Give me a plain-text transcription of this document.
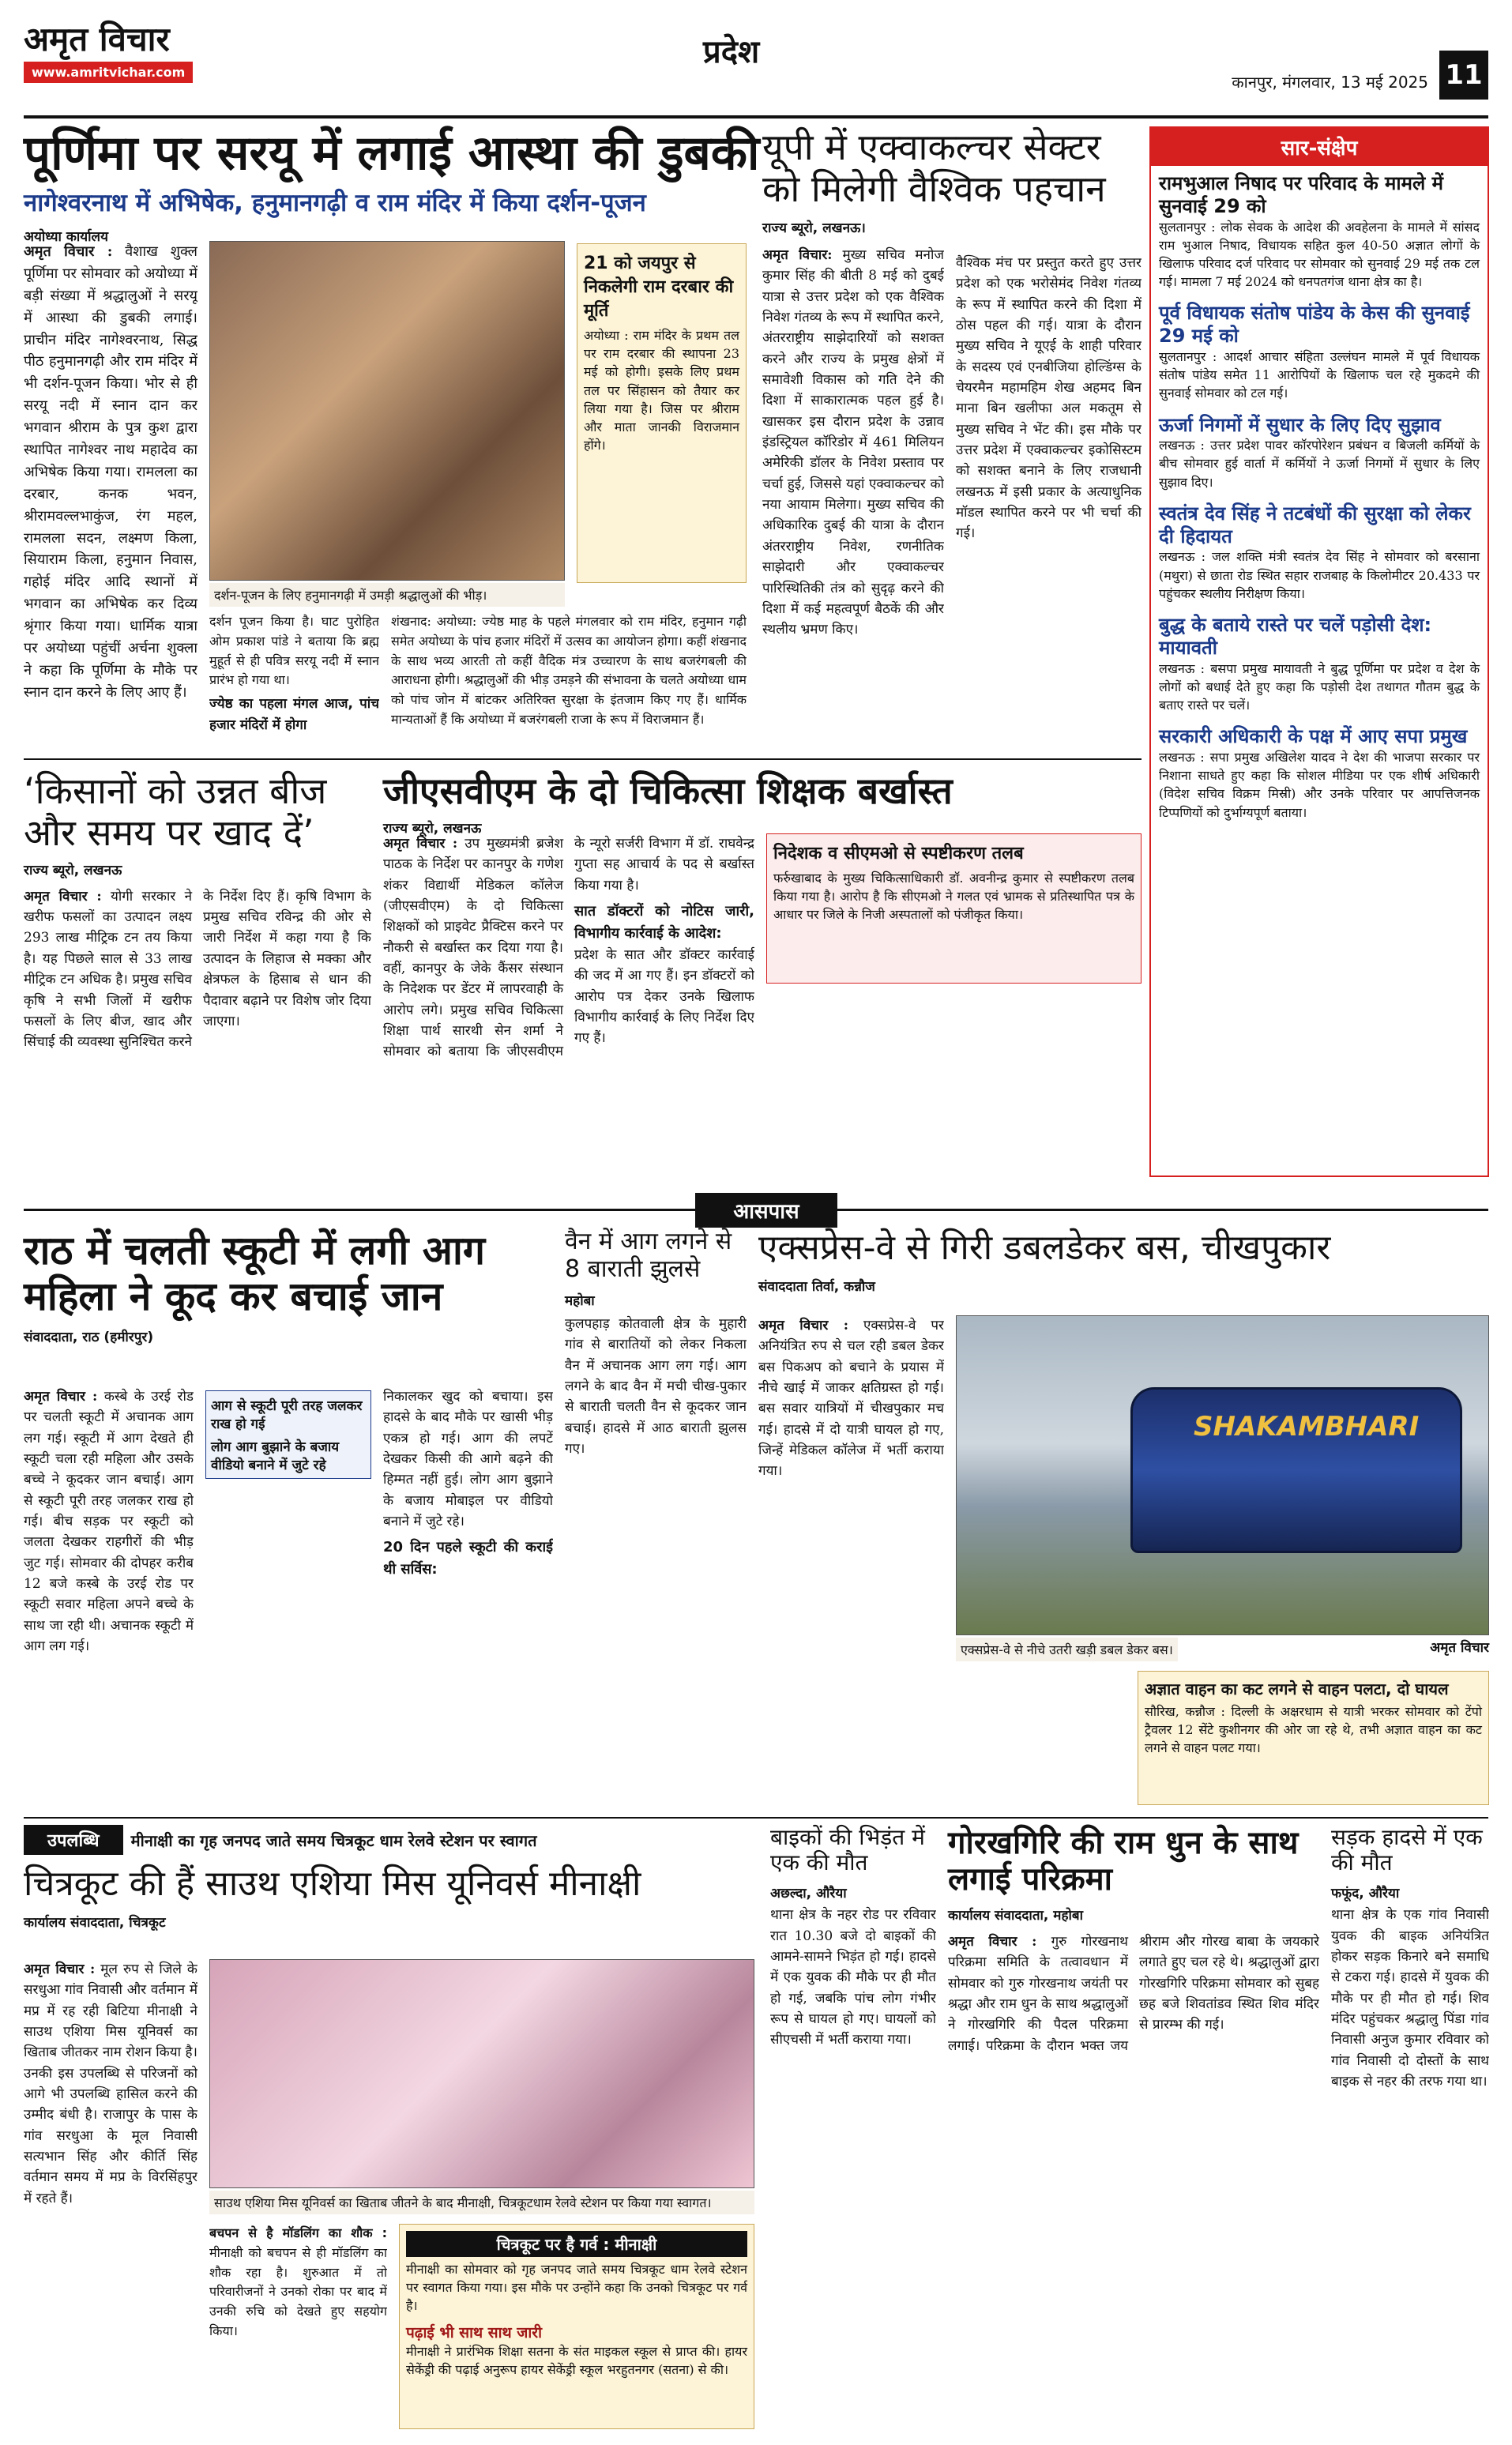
अमृत विचार
www.amritvichar.com
प्रदेश
कानपुर, मंगलवार, 13 मई 2025 11
पूर्णिमा पर सरयू में लगाई आस्था की डुबकी
नागेश्वरनाथ में अभिषेक, हनुमानगढ़ी व राम मंदिर में किया दर्शन-पूजन
अयोध्या कार्यालय
अमृत विचार : वैशाख शुक्ल पूर्णिमा पर सोमवार को अयोध्या में बड़ी संख्या में श्रद्धालुओं ने सरयू में आस्था की डुबकी लगाई। प्राचीन मंदिर नागेश्वरनाथ, सिद्ध पीठ हनुमानगढ़ी और राम मंदिर में भी दर्शन-पूजन किया। भोर से ही सरयू नदी में स्नान दान कर भगवान श्रीराम के पुत्र कुश द्वारा स्थापित नागेश्वर नाथ महादेव का अभिषेक किया गया। रामलला का दरबार, कनक भवन, श्रीरामवल्लभाकुंज, रंग महल, रामलला सदन, लक्ष्मण किला, सियाराम किला, हनुमान निवास, गहोई मंदिर आदि स्थानों में भगवान का अभिषेक कर दिव्य श्रृंगार किया गया। धार्मिक यात्रा पर अयोध्या पहुंचीं अर्चना शुक्ला ने कहा कि पूर्णिमा के मौके पर स्नान दान करने के लिए आए हैं।
दर्शन-पूजन के लिए हनुमानगढ़ी में उमड़ी श्रद्धालुओं की भीड़।
21 को जयपुर से निकलेगी राम दरबार की मूर्ति
अयोध्या : राम मंदिर के प्रथम तल पर राम दरबार की स्थापना 23 मई को होगी। इसके लिए प्रथम तल पर सिंहासन को तैयार कर लिया गया है। जिस पर श्रीराम और माता जानकी विराजमान होंगे।
दर्शन पूजन किया है। घाट पुरोहित ओम प्रकाश पांडे ने बताया कि ब्रह्म मुहूर्त से ही पवित्र सरयू नदी में स्नान प्रारंभ हो गया था।
ज्येष्ठ का पहला मंगल आज, पांच हजार मंदिरों में होगा
शंखनाद: अयोध्या: ज्येष्ठ माह के पहले मंगलवार को राम मंदिर, हनुमान गढ़ी समेत अयोध्या के पांच हजार मंदिरों में उत्सव का आयोजन होगा। कहीं शंखनाद के साथ भव्य आरती तो कहीं वैदिक मंत्र उच्चारण के साथ बजरंगबली की आराधना होगी। श्रद्धालुओं की भीड़ उमड़ने की संभावना के चलते अयोध्या धाम को पांच जोन में बांटकर अतिरिक्त सुरक्षा के इंतजाम किए गए हैं। धार्मिक मान्यताओं हैं कि अयोध्या में बजरंगबली राजा के रूप में विराजमान हैं।
यूपी में एक्वाकल्चर सेक्टर को मिलेगी वैश्विक पहचान
राज्य ब्यूरो, लखनऊ।
अमृत विचार: मुख्य सचिव मनोज कुमार सिंह की बीती 8 मई को दुबई यात्रा से उत्तर प्रदेश को एक वैश्विक निवेश गंतव्य के रूप में स्थापित करने, अंतरराष्ट्रीय साझेदारियों को सशक्त करने और राज्य के प्रमुख क्षेत्रों में समावेशी विकास को गति देने की दिशा में साकारात्मक पहल हुई है। खासकर इस दौरान प्रदेश के उन्नाव इंडस्ट्रियल कॉरिडोर में 461 मिलियन अमेरिकी डॉलर के निवेश प्रस्ताव पर चर्चा हुई, जिससे यहां एक्वाकल्चर को नया आयाम मिलेगा। मुख्य सचिव की अधिकारिक दुबई की यात्रा के दौरान अंतरराष्ट्रीय निवेश, रणनीतिक साझेदारी और एक्वाकल्चर पारिस्थितिकी तंत्र को सुदृढ़ करने की दिशा में कई महत्वपूर्ण बैठकें की और स्थलीय भ्रमण किए।
वैश्विक मंच पर प्रस्तुत करते हुए उत्तर प्रदेश को एक भरोसेमंद निवेश गंतव्य के रूप में स्थापित करने की दिशा में ठोस पहल की गई। यात्रा के दौरान मुख्य सचिव ने यूएई के शाही परिवार के सदस्य एवं एनबीजिया होल्डिंग्स के चेयरमैन महामहिम शेख अहमद बिन माना बिन खलीफा अल मकतूम से मुख्य सचिव ने भेंट की। इस मौके पर उत्तर प्रदेश में एक्वाकल्चर इकोसिस्टम को सशक्त बनाने के लिए राजधानी लखनऊ में इसी प्रकार के अत्याधुनिक मॉडल स्थापित करने पर भी चर्चा की गई।
सार-संक्षेप
रामभुआल निषाद पर परिवाद के मामले में सुनवाई 29 को
सुलतानपुर : लोक सेवक के आदेश की अवहेलना के मामले में सांसद राम भुआल निषाद, विधायक सहित कुल 40-50 अज्ञात लोगों के खिलाफ परिवाद दर्ज परिवाद पर सोमवार को सुनवाई 29 मई तक टल गई। मामला 7 मई 2024 को धनपतगंज थाना क्षेत्र का है।
पूर्व विधायक संतोष पांडेय के केस की सुनवाई 29 मई को
सुलतानपुर : आदर्श आचार संहिता उल्लंघन मामले में पूर्व विधायक संतोष पांडेय समेत 11 आरोपियों के खिलाफ चल रहे मुकदमे की सुनवाई सोमवार को टल गई।
ऊर्जा निगमों में सुधार के लिए दिए सुझाव
लखनऊ : उत्तर प्रदेश पावर कॉरपोरेशन प्रबंधन व बिजली कर्मियों के बीच सोमवार हुई वार्ता में कर्मियों ने ऊर्जा निगमों में सुधार के लिए सुझाव दिए।
स्वतंत्र देव सिंह ने तटबंधों की सुरक्षा को लेकर दी हिदायत
लखनऊ : जल शक्ति मंत्री स्वतंत्र देव सिंह ने सोमवार को बरसाना (मथुरा) से छाता रोड स्थित सहार राजबाह के किलोमीटर 20.433 पर पहुंचकर स्थलीय निरीक्षण किया।
बुद्ध के बताये रास्ते पर चलें पड़ोसी देश: मायावती
लखनऊ : बसपा प्रमुख मायावती ने बुद्ध पूर्णिमा पर प्रदेश व देश के लोगों को बधाई देते हुए कहा कि पड़ोसी देश तथागत गौतम बुद्ध के बताए रास्ते पर चलें।
सरकारी अधिकारी के पक्ष में आए सपा प्रमुख
लखनऊ : सपा प्रमुख अखिलेश यादव ने देश की भाजपा सरकार पर निशाना साधते हुए कहा कि सोशल मीडिया पर एक शीर्ष अधिकारी (विदेश सचिव विक्रम मिस्री) और उनके परिवार पर आपत्तिजनक टिप्पणियों को दुर्भाग्यपूर्ण बताया।
‘किसानों को उन्नत बीज और समय पर खाद दें’
राज्य ब्यूरो, लखनऊ
अमृत विचार : योगी सरकार ने खरीफ फसलों का उत्पादन लक्ष्य 293 लाख मीट्रिक टन तय किया है। यह पिछले साल से 33 लाख मीट्रिक टन अधिक है। प्रमुख सचिव कृषि ने सभी जिलों में खरीफ फसलों के लिए बीज, खाद और सिंचाई की व्यवस्था सुनिश्चित करने के निर्देश दिए हैं। कृषि विभाग के प्रमुख सचिव रविन्द्र की ओर से जारी निर्देश में कहा गया है कि उत्पादन के लिहाज से मक्का और क्षेत्रफल के हिसाब से धान की पैदावार बढ़ाने पर विशेष जोर दिया जाएगा।
जीएसवीएम के दो चिकित्सा शिक्षक बर्खास्त
राज्य ब्यूरो, लखनऊ
अमृत विचार : उप मुख्यमंत्री ब्रजेश पाठक के निर्देश पर कानपुर के गणेश शंकर विद्यार्थी मेडिकल कॉलेज (जीएसवीएम) के दो चिकित्सा शिक्षकों को प्राइवेट प्रैक्टिस करने पर नौकरी से बर्खास्त कर दिया गया है। वहीं, कानपुर के जेके कैंसर संस्थान के निदेशक पर डेंटर में लापरवाही के आरोप लगे। प्रमुख सचिव चिकित्सा शिक्षा पार्थ सारथी सेन शर्मा ने सोमवार को बताया कि जीएसवीएम के न्यूरो सर्जरी विभाग में डॉ. राघवेन्द्र गुप्ता सह आचार्य के पद से बर्खास्त किया गया है।
सात डॉक्टरों को नोटिस जारी, विभागीय कार्रवाई के आदेश:
प्रदेश के सात और डॉक्टर कार्रवाई की जद में आ गए हैं। इन डॉक्टरों को आरोप पत्र देकर उनके खिलाफ विभागीय कार्रवाई के लिए निर्देश दिए गए हैं।
निदेशक व सीएमओ से स्पष्टीकरण तलब
फर्रुखाबाद के मुख्य चिकित्साधिकारी डॉ. अवनीन्द्र कुमार से स्पष्टीकरण तलब किया गया है। आरोप है कि सीएमओ ने गलत एवं भ्रामक से प्रतिस्थापित पत्र के आधार पर जिले के निजी अस्पतालों को पंजीकृत किया।
आसपास
राठ में चलती स्कूटी में लगी आग महिला ने कूद कर बचाई जान
संवाददाता, राठ (हमीरपुर)
आग से स्कूटी पूरी तरह जलकर राख हो गई
लोग आग बुझाने के बजाय वीडियो बनाने में जुटे रहे
अमृत विचार : कस्बे के उरई रोड पर चलती स्कूटी में अचानक आग लग गई। स्कूटी में आग देखते ही स्कूटी चला रही महिला और उसके बच्चे ने कूदकर जान बचाई। आग से स्कूटी पूरी तरह जलकर राख हो गई। बीच सड़क पर स्कूटी को जलता देखकर राहगीरों की भीड़ जुट गई। सोमवार की दोपहर करीब 12 बजे कस्बे के उरई रोड पर स्कूटी सवार महिला अपने बच्चे के साथ जा रही थी। अचानक स्कूटी में आग लग गई।
निकालकर खुद को बचाया। इस हादसे के बाद मौके पर खासी भीड़ एकत्र हो गई। आग की लपटें देखकर किसी की आगे बढ़ने की हिम्मत नहीं हुई। लोग आग बुझाने के बजाय मोबाइल पर वीडियो बनाने में जुटे रहे।
20 दिन पहले स्कूटी की कराई थी सर्विस:
वैन में आग लगने से 8 बाराती झुलसे
महोबा
कुलपहाड़ कोतवाली क्षेत्र के मुहारी गांव से बारातियों को लेकर निकला वैन में अचानक आग लग गई। आग लगने के बाद वैन में मची चीख-पुकार से बाराती चलती वैन से कूदकर जान बचाई। हादसे में आठ बाराती झुलस गए।
एक्सप्रेस-वे से गिरी डबलडेकर बस, चीखपुकार
संवाददाता तिर्वा, कन्नौज
अमृत विचार : एक्सप्रेस-वे पर अनियंत्रित रुप से चल रही डबल डेकर बस पिकअप को बचाने के प्रयास में नीचे खाई में जाकर क्षतिग्रस्त हो गई। बस सवार यात्रियों में चीखपुकार मच गई। हादसे में दो यात्री घायल हो गए, जिन्हें मेडिकल कॉलेज में भर्ती कराया गया।
SHAKAMBHARI
एक्सप्रेस-वे से नीचे उतरी खड़ी डबल डेकर बस।	अमृत विचार
अज्ञात वाहन का कट लगने से वाहन पलटा, दो घायल
सौरिख, कन्नौज : दिल्ली के अक्षरधाम से यात्री भरकर सोमवार को टेंपो ट्रैवलर 12 सेंटे कुशीनगर की ओर जा रहे थे, तभी अज्ञात वाहन का कट लगने से वाहन पलट गया।
उपलब्धि	मीनाक्षी का गृह जनपद जाते समय चित्रकूट धाम रेलवे स्टेशन पर स्वागत
चित्रकूट की हैं साउथ एशिया मिस यूनिवर्स मीनाक्षी
कार्यालय संवाददाता, चित्रकूट
अमृत विचार : मूल रुप से जिले के सरधुआ गांव निवासी और वर्तमान में मप्र में रह रही बिटिया मीनाक्षी ने साउथ एशिया मिस यूनिवर्स का खिताब जीतकर नाम रोशन किया है। उनकी इस उपलब्धि से परिजनों को आगे भी उपलब्धि हासिल करने की उम्मीद बंधी है। राजापुर के पास के गांव सरधुआ के मूल निवासी सत्यभान सिंह और कीर्ति सिंह वर्तमान समय में मप्र के विरसिंहपुर में रहते हैं।	साउथ एशिया मिस यूनिवर्स का खिताब जीतने के बाद मीनाक्षी, चित्रकूटधाम रेलवे स्टेशन पर किया गया स्वागत।
बचपन से है मॉडलिंग का शौक : मीनाक्षी को बचपन से ही मॉडलिंग का शौक रहा है। शुरुआत में तो परिवारीजनों ने उनको रोका पर बाद में उनकी रुचि को देखते हुए सहयोग किया।
चित्रकूट पर है गर्व : मीनाक्षी
मीनाक्षी का सोमवार को गृह जनपद जाते समय चित्रकूट धाम रेलवे स्टेशन पर स्वागत किया गया। इस मौके पर उन्होंने कहा कि उनको चित्रकूट पर गर्व है।
पढ़ाई भी साथ साथ जारी
मीनाक्षी ने प्रारंभिक शिक्षा सतना के संत माइकल स्कूल से प्राप्त की। हायर सेकेंड्री की पढ़ाई अनुरूप हायर सेकेंड्री स्कूल भरहुतनगर (सतना) से की।
बाइकों की भिड़ंत में एक की मौत
अछल्दा, औरैया
थाना क्षेत्र के नहर रोड पर रविवार रात 10.30 बजे दो बाइकों की आमने-सामने भिड़ंत हो गई। हादसे में एक युवक की मौके पर ही मौत हो गई, जबकि पांच लोग गंभीर रूप से घायल हो गए। घायलों को सीएचसी में भर्ती कराया गया।
गोरखगिरि की राम धुन के साथ लगाई परिक्रमा
कार्यालय संवाददाता, महोबा
अमृत विचार : गुरु गोरखनाथ परिक्रमा समिति के तत्वावधान में सोमवार को गुरु गोरखनाथ जयंती पर श्रद्धा और राम धुन के साथ श्रद्धालुओं ने गोरखगिरि की पैदल परिक्रमा लगाई। परिक्रमा के दौरान भक्त जय श्रीराम और गोरख बाबा के जयकारे लगाते हुए चल रहे थे। श्रद्धालुओं द्वारा गोरखगिरि परिक्रमा सोमवार को सुबह छह बजे शिवतांडव स्थित शिव मंदिर से प्रारम्भ की गई।
सड़क हादसे में एक की मौत
फफूंद, औरैया
थाना क्षेत्र के एक गांव निवासी युवक की बाइक अनियंत्रित होकर सड़क किनारे बने समाधि से टकरा गई। हादसे में युवक की मौके पर ही मौत हो गई। शिव मंदिर पहुंचकर श्रद्धालु पिंडा गांव निवासी अनुज कुमार रविवार को गांव निवासी दो दोस्तों के साथ बाइक से नहर की तरफ गया था।
